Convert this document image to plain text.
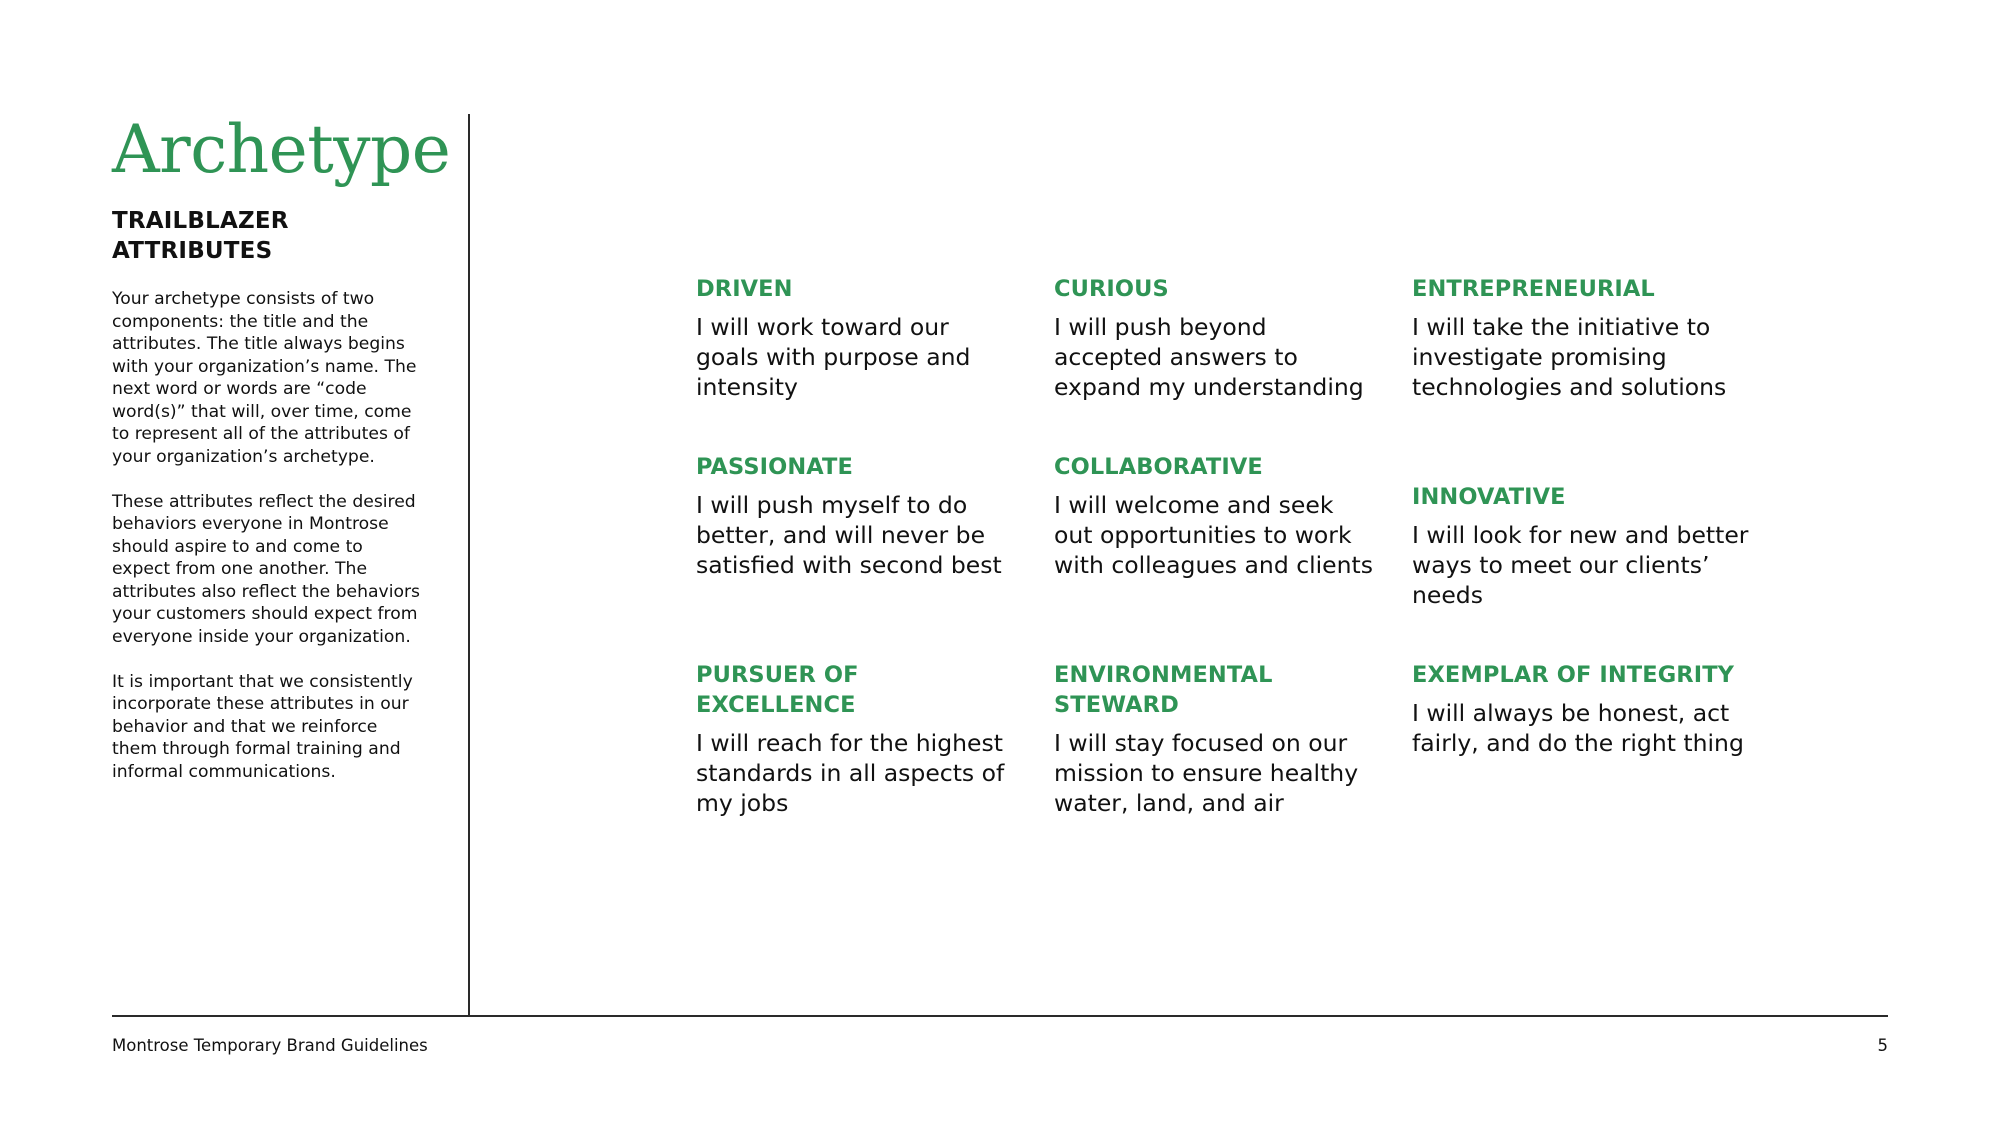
Archetype
TRAILBLAZER ATTRIBUTES

Your archetype consists of two components: the title and the attributes. The title always begins with your organization’s name. The next word or words are “code word(s)” that will, over time, come to represent all of the attributes of your organization’s archetype.

These attributes reflect the desired behaviors everyone in Montrose should aspire to and come to expect from one another. The attributes also reflect the behaviors your customers should expect from everyone inside your organization.

It is important that we consistently incorporate these attributes in our behavior and that we reinforce them through formal training and informal communications.

DRIVEN

I will work toward our goals with purpose and intensity

CURIOUS

I will push beyond accepted answers to expand my understanding

ENTREPRENEURIAL

I will take the initiative to investigate promising technologies and solutions

PASSIONATE

I will push myself to do better, and will never be satisfied with second best

COLLABORATIVE

I will welcome and seek out opportunities to work with colleagues and clients

INNOVATIVE

I will look for new and better ways to meet our clients’ needs

PURSUER OF EXCELLENCE

I will reach for the highest standards in all aspects of my jobs

ENVIRONMENTAL STEWARD

I will stay focused on our mission to ensure healthy water, land, and air

EXEMPLAR OF INTEGRITY

I will always be honest, act fairly, and do the right thing

Montrose Temporary Brand Guidelines	5
